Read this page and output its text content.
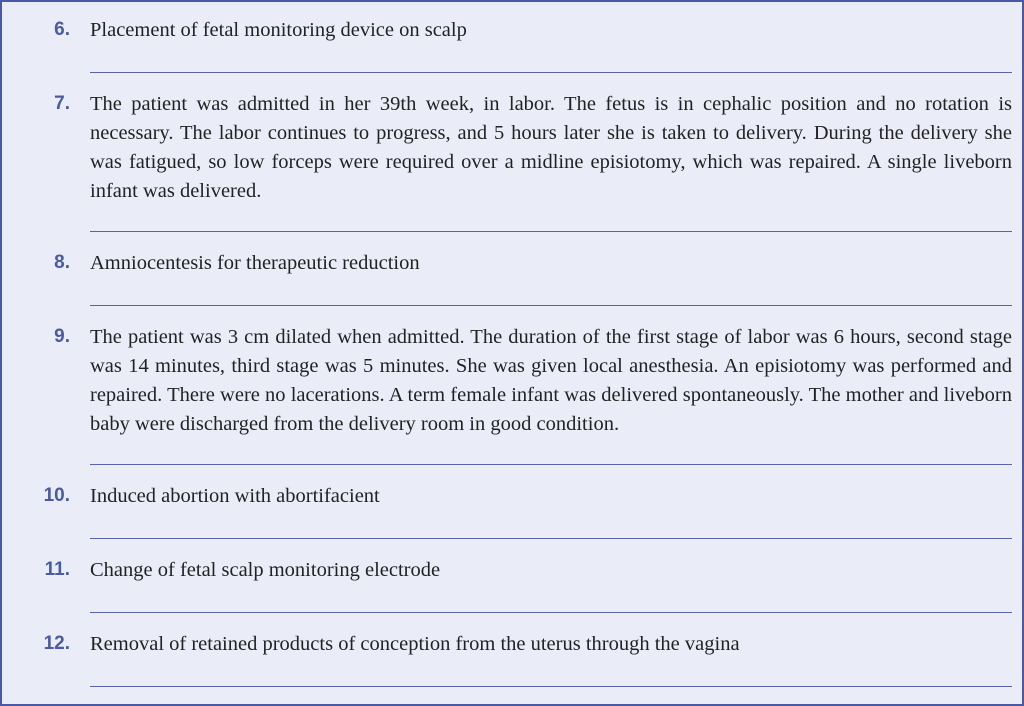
6. Placement of fetal monitoring device on scalp
7. The patient was admitted in her 39th week, in labor. The fetus is in cephalic position and no rotation is necessary. The labor continues to progress, and 5 hours later she is taken to delivery. During the delivery she was fatigued, so low forceps were required over a midline episiotomy, which was repaired. A single liveborn infant was delivered.
8. Amniocentesis for therapeutic reduction
9. The patient was 3 cm dilated when admitted. The duration of the first stage of labor was 6 hours, second stage was 14 minutes, third stage was 5 minutes. She was given local anesthesia. An episiotomy was performed and repaired. There were no lacerations. A term female infant was delivered spontaneously. The mother and liveborn baby were discharged from the delivery room in good condition.
10. Induced abortion with abortifacient
11. Change of fetal scalp monitoring electrode
12. Removal of retained products of conception from the uterus through the vagina
